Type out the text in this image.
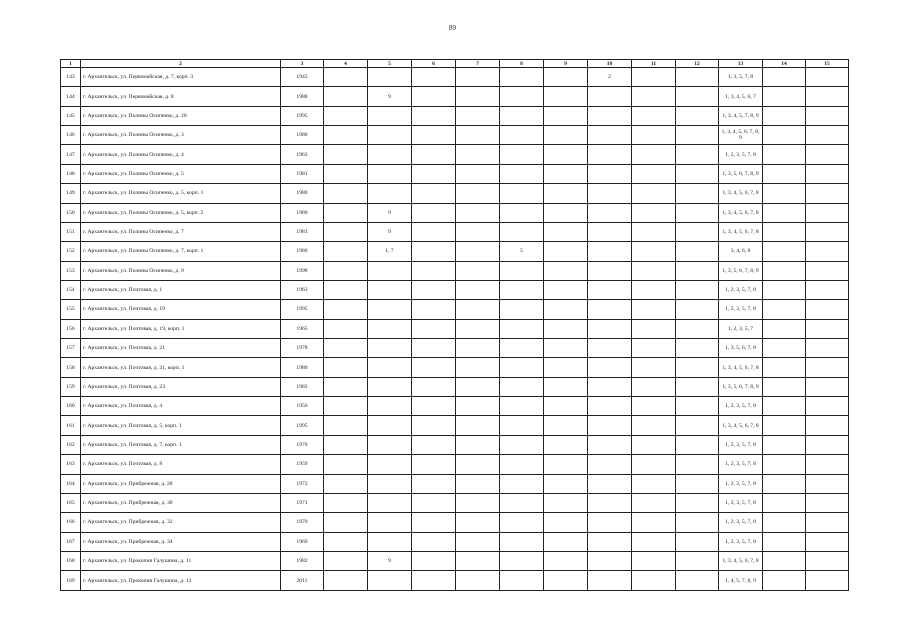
89
1	2	3	4	5	6	7	8	9	10	11	12	13	14	15
143	г. Архангельск, ул. Первомайская, д. 7, корп. 3	1943							2			1, 3, 5, 7, 8		
144	г. Архангельск, ул. Первомайская, д. 8	1988		9								1, 3, 4, 5, 6, 7		
145	г. Архангельск, ул. Полины Осипенко, д. 20	1995										1, 3, 4, 5, 7, 8, 9		
146	г. Архангельск, ул. Полины Осипенко, д. 3	1980										1, 3, 4, 5, 6, 7, 8, 9		
147	г. Архангельск, ул. Полины Осипенко, д. 4	1963										1, 2, 3, 5, 7, 8		
148	г. Архангельск, ул. Полины Осипенко, д. 5	1981										1, 3, 5, 6, 7, 8, 9		
149	г. Архангельск, ул. Полины Осипенко, д. 5, корп. 1	1980										1, 3, 4, 5, 6, 7, 8		
150	г. Архангельск, ул. Полины Осипенко, д. 5, корп. 2	1980		9								1, 3, 4, 5, 6, 7, 8		
151	г. Архангельск, ул. Полины Осипенко, д. 7	1981		9								1, 3, 4, 5, 6, 7, 8		
152	г. Архангельск, ул. Полины Осипенко, д. 7, корп. 1	1980		1, 7			5					3, 4, 6, 8		
153	г. Архангельск, ул. Полины Осипенко, д. 9	1998										1, 3, 5, 6, 7, 8, 9		
154	г. Архангельск, ул. Почтовая, д. 1	1963										1, 2, 3, 5, 7, 8		
155	г. Архангельск, ул. Почтовая, д. 19	1995										1, 2, 3, 5, 7, 8		
156	г. Архангельск, ул. Почтовая, д. 19, корп. 1	1965										1, 2, 3, 5, 7		
157	г. Архангельск, ул. Почтовая, д. 21	1978										1, 3, 5, 6, 7, 8		
158	г. Архангельск, ул. Почтовая, д. 21, корп. 1	1980										1, 3, 4, 5, 6, 7, 8		
159	г. Архангельск, ул. Почтовая, д. 23	1983										1, 3, 5, 6, 7, 8, 9		
160	г. Архангельск, ул. Почтовая, д. 4	1956										1, 2, 3, 5, 7, 8		
161	г. Архангельск, ул. Почтовая, д. 5, корп. 1	1995										1, 3, 4, 5, 6, 7, 8		
162	г. Архангельск, ул. Почтовая, д. 7, корп. 1	1970										1, 2, 3, 5, 7, 8		
163	г. Архангельск, ул. Почтовая, д. 8	1959										1, 2, 3, 5, 7, 8		
164	г. Архангельск, ул. Прибрежная, д. 28	1972										1, 2, 3, 5, 7, 8		
165	г. Архангельск, ул. Прибрежная, д. 30	1971										1, 2, 3, 5, 7, 8		
166	г. Архангельск, ул. Прибрежная, д. 32	1970										1, 2, 3, 5, 7, 8		
167	г. Архангельск, ул. Прибрежная, д. 34	1969										1, 2, 3, 5, 7, 8		
168	г. Архангельск, ул. Прокопия Галушина, д. 11	1982		9								1, 3, 4, 5, 6, 7, 8		
169	г. Архангельск, ул. Прокопия Галушина, д. 12	2011										1, 4, 5, 7, 8, 9		
